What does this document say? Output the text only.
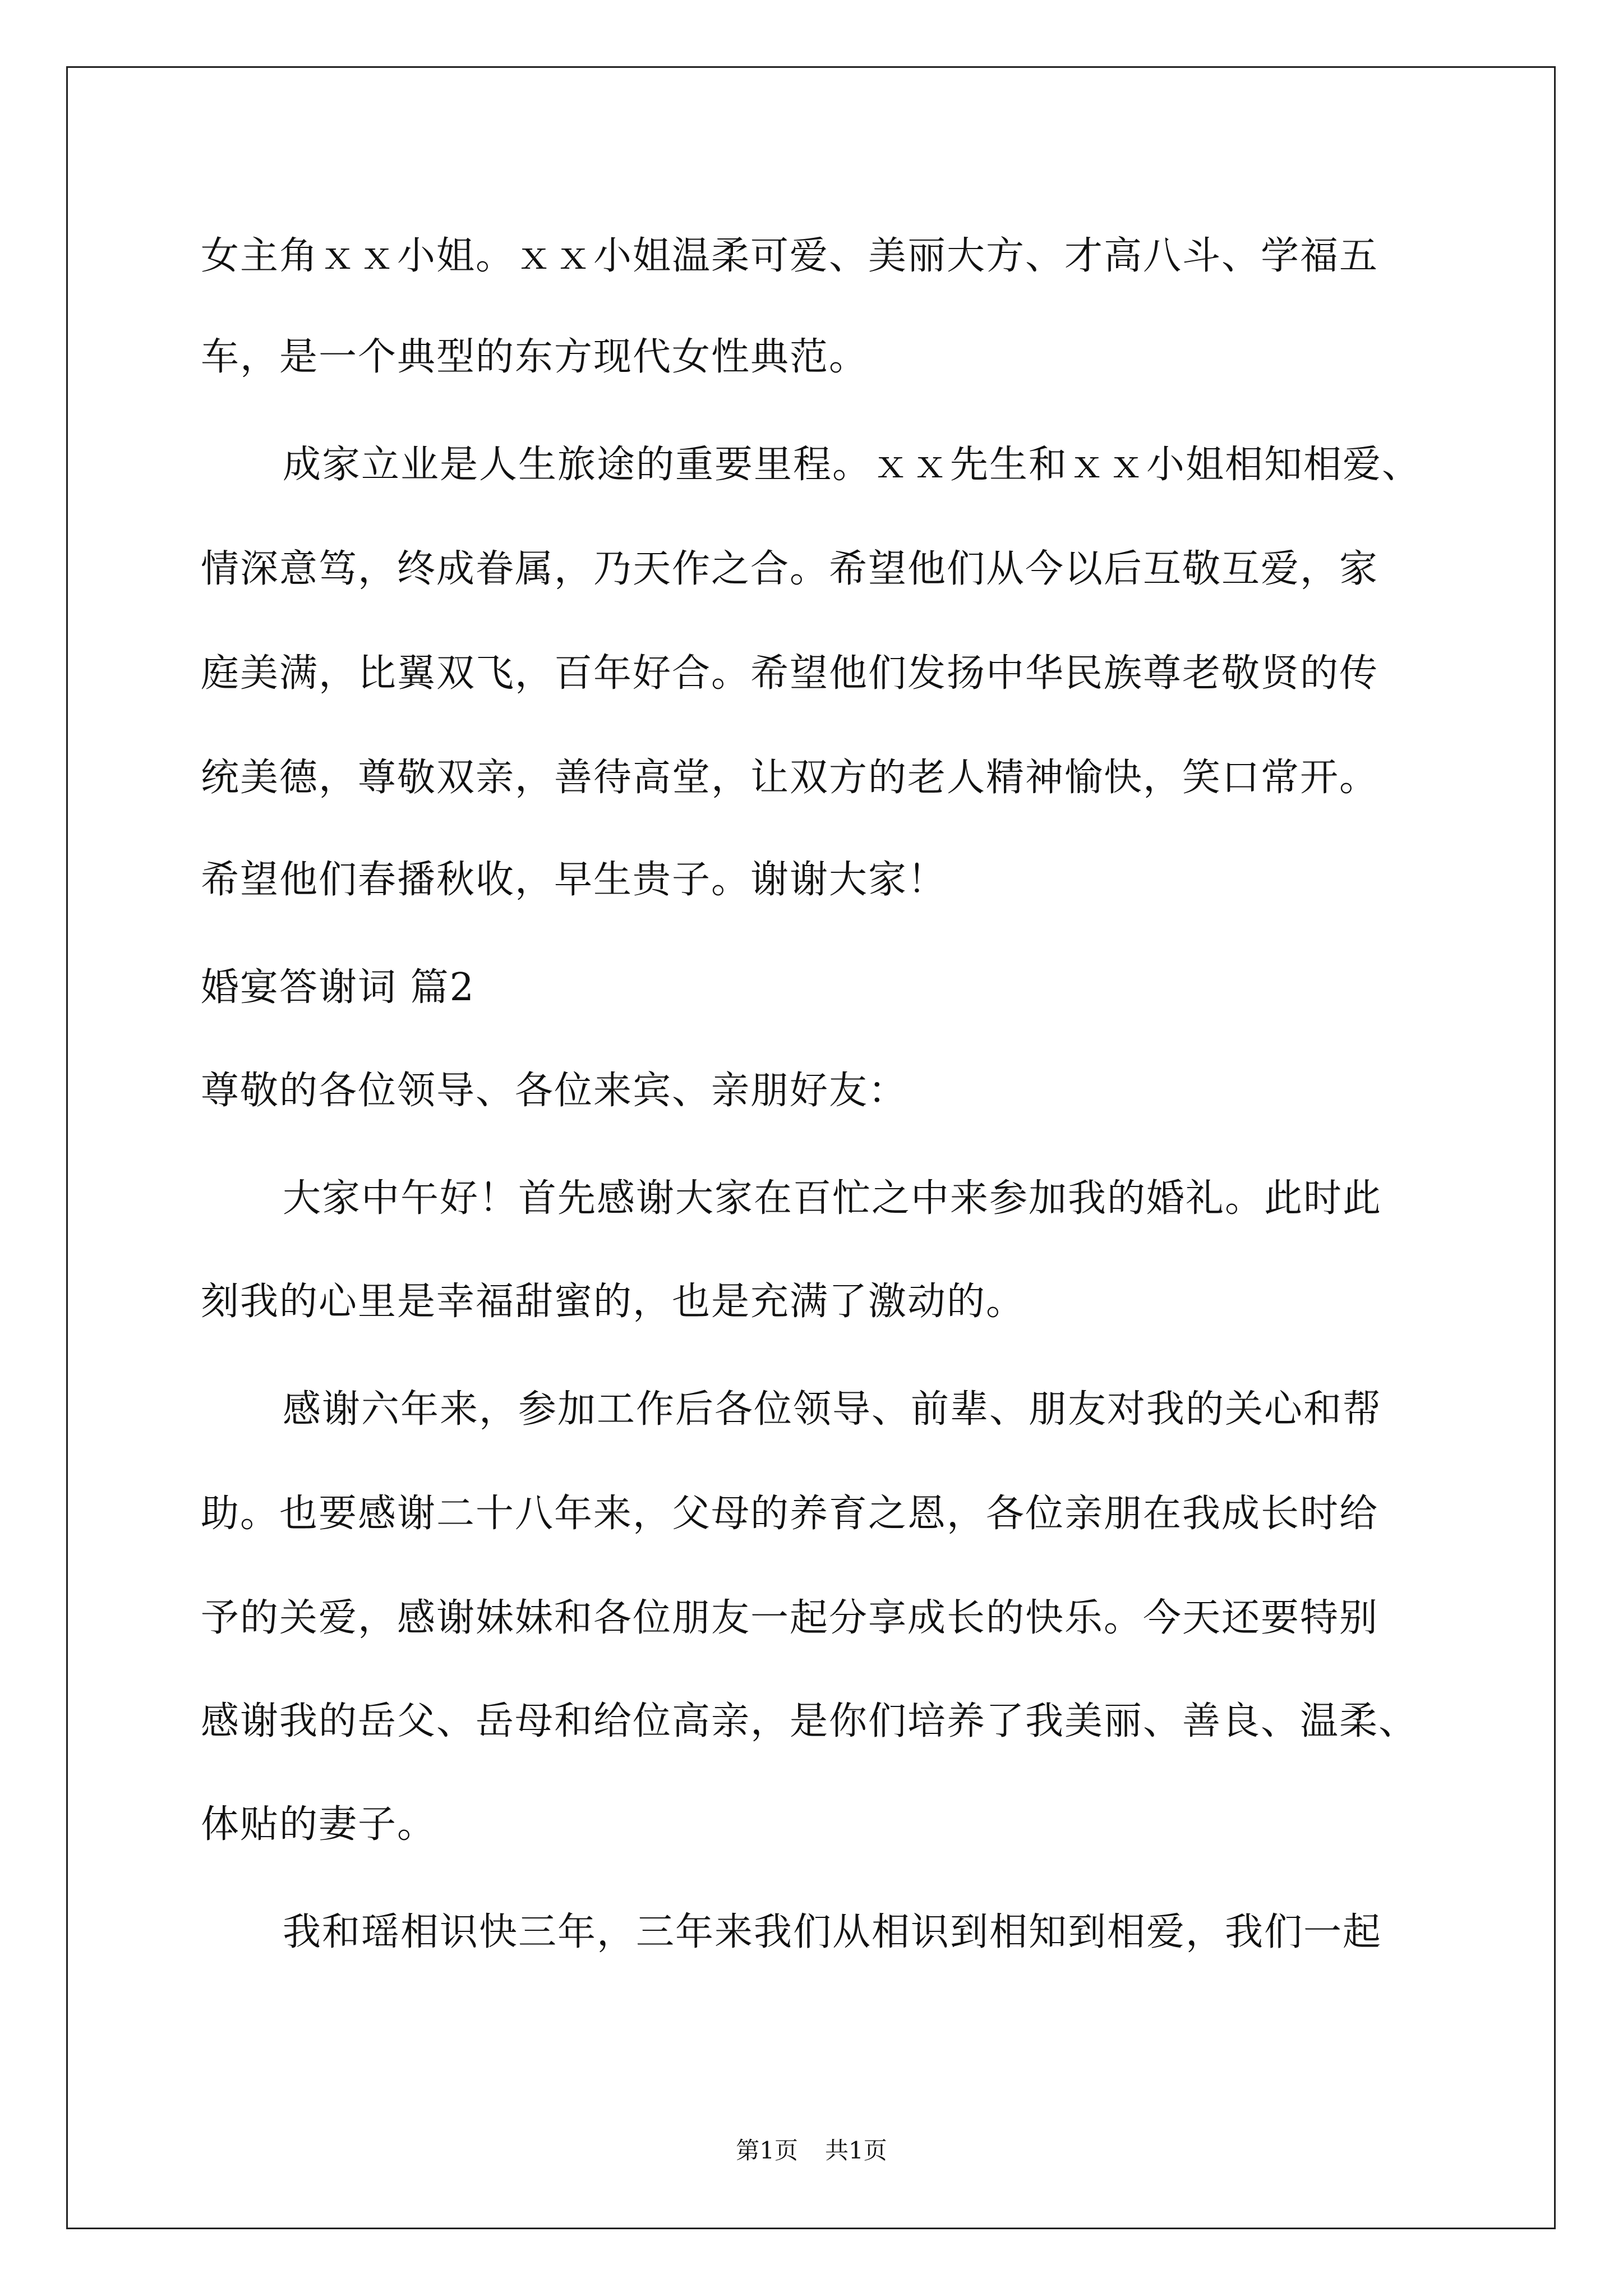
女主角ｘｘ小姐。ｘｘ小姐温柔可爱、美丽大方、才高八斗、学福五
车，是一个典型的东方现代女性典范。
成家立业是人生旅途的重要里程。ｘｘ先生和ｘｘ小姐相知相爱、
情深意笃，终成眷属，乃天作之合。希望他们从今以后互敬互爱，家
庭美满，比翼双飞，百年好合。希望他们发扬中华民族尊老敬贤的传
统美德，尊敬双亲，善待高堂，让双方的老人精神愉快，笑口常开。
希望他们春播秋收，早生贵子。谢谢大家！
婚宴答谢词 篇2
尊敬的各位领导、各位来宾、亲朋好友：
大家中午好！首先感谢大家在百忙之中来参加我的婚礼。此时此
刻我的心里是幸福甜蜜的，也是充满了激动的。
感谢六年来，参加工作后各位领导、前辈、朋友对我的关心和帮
助。也要感谢二十八年来，父母的养育之恩，各位亲朋在我成长时给
予的关爱，感谢妹妹和各位朋友一起分享成长的快乐。今天还要特别
感谢我的岳父、岳母和给位高亲，是你们培养了我美丽、善良、温柔、
体贴的妻子。
我和瑶相识快三年，三年来我们从相识到相知到相爱，我们一起
第1页 共1页
